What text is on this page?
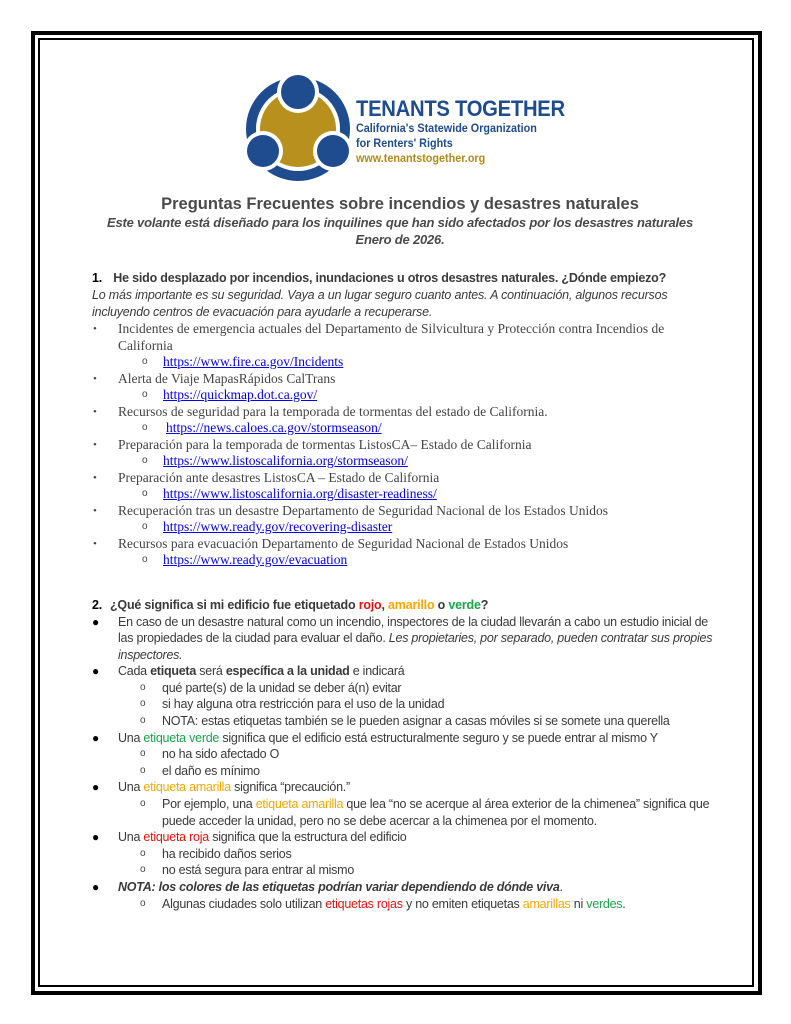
TENANTS TOGETHER
California's Statewide Organization
for Renters' Rights
www.tenantstogether.org
Preguntas Frecuentes sobre incendios y desastres naturales
Este volante está diseñado para los inquilines que han sido afectados por los desastres naturales
Enero de 2026.
1. He sido desplazado por incendios, inundaciones u otros desastres naturales. ¿Dónde empiezo?
Lo más importante es su seguridad. Vaya a un lugar seguro cuanto antes. A continuación, algunos recursos incluyendo centros de evacuación para ayudarle a recuperarse.
• Incidentes de emergencia actuales del Departamento de Silvicultura y Protección contra Incendios de California
o https://www.fire.ca.gov/Incidents
• Alerta de Viaje MapasRápidos CalTrans
o https://quickmap.dot.ca.gov/
• Recursos de seguridad para la temporada de tormentas del estado de California.
o https://news.caloes.ca.gov/stormseason/
• Preparación para la temporada de tormentas ListosCA– Estado de California
o https://www.listoscalifornia.org/stormseason/
• Preparación ante desastres ListosCA – Estado de California
o https://www.listoscalifornia.org/disaster-readiness/
• Recuperación tras un desastre Departamento de Seguridad Nacional de los Estados Unidos
o https://www.ready.gov/recovering-disaster
• Recursos para evacuación Departamento de Seguridad Nacional de Estados Unidos
o https://www.ready.gov/evacuation
2. ¿Qué significa si mi edificio fue etiquetado rojo, amarillo o verde?
● En caso de un desastre natural como un incendio, inspectores de la ciudad llevarán a cabo un estudio inicial de las propiedades de la ciudad para evaluar el daño. Les propietaries, por separado, pueden contratar sus propies inspectores.
● Cada etiqueta será específica a la unidad e indicará
o qué parte(s) de la unidad se deber á(n) evitar
o si hay alguna otra restricción para el uso de la unidad
o NOTA: estas etiquetas también se le pueden asignar a casas móviles si se somete una querella
● Una etiqueta verde significa que el edificio está estructuralmente seguro y se puede entrar al mismo Y
o no ha sido afectado O
o el daño es mínimo
● Una etiqueta amarilla significa “precaución.”
o Por ejemplo, una etiqueta amarilla que lea “no se acerque al área exterior de la chimenea” significa que puede acceder la unidad, pero no se debe acercar a la chimenea por el momento.
● Una etiqueta roja significa que la estructura del edificio
o ha recibido daños serios
o no está segura para entrar al mismo
● NOTA: los colores de las etiquetas podrían variar dependiendo de dónde viva.
o Algunas ciudades solo utilizan etiquetas rojas y no emiten etiquetas amarillas ni verdes.
